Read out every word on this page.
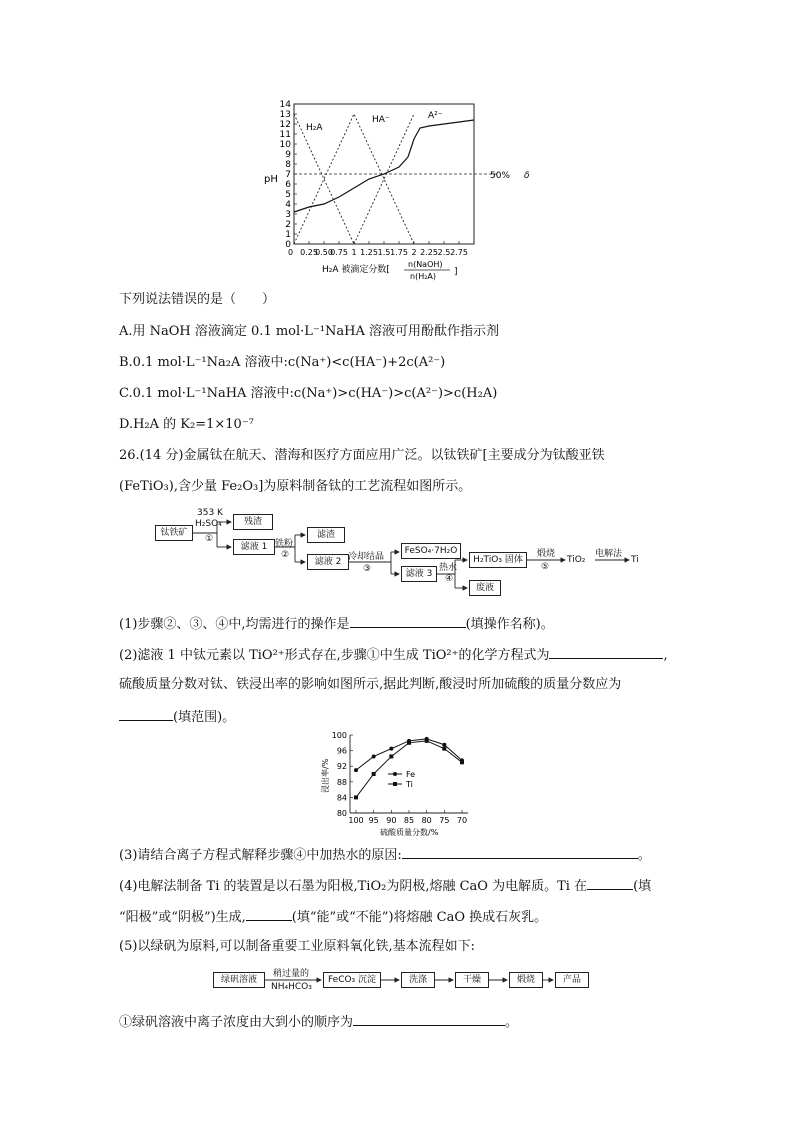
0
1
2
3
4
5
6
7
8
9
10
11
12
13
14
0 0.25
0.50
0.75 1 1.25 1.5 1.75 2 2.25 2.5 2.75
pH
H₂A
HA⁻	A²⁻
50% δ
H₂A 被滴定分数[
n(NaOH)
n(H₂A) ]
下列说法错误的是（　　）
A.用 NaOH 溶液滴定 0.1 mol·L⁻¹NaHA 溶液可用酚酞作指示剂
B.0.1 mol·L⁻¹Na₂A 溶液中:c(Na⁺)<c(HA⁻)+2c(A²⁻)
C.0.1 mol·L⁻¹NaHA 溶液中:c(Na⁺)>c(HA⁻)>c(A²⁻)>c(H₂A)
D.H₂A 的 K₂=1×10⁻⁷
26.(14 分)金属钛在航天、潜海和医疗方面应用广泛。以钛铁矿[主要成分为钛酸亚铁
(FeTiO₃),含少量 Fe₂O₃]为原料制备钛的工艺流程如图所示。
钛铁矿
353 K
H₂SO₄
①
残渣
滤液 1 铁粉
②
滤渣
滤液 2 冷却结晶
③
FeSO₄·7H₂O
滤液 3
热水
④
H₂TiO₃ 固体
废液
煅烧
⑤
TiO₂
电解法
Ti
(1)步骤②、③、④中,均需进行的操作是	(填操作名称)。
(2)滤液 1 中钛元素以 TiO²⁺形式存在,步骤①中生成 TiO²⁺的化学方程式为	,
硫酸质量分数对钛、铁浸出率的影响如图所示,据此判断,酸浸时所加硫酸的质量分数应为
(填范围)。
80
84
88
92
96
100
100 95 90 85 80 75 70
浸出率/%
硫酸质量分数/%
Fe
Ti
(3)请结合离子方程式解释步骤④中加热水的原因:	。
(4)电解法制备 Ti 的装置是以石墨为阳极,TiO₂为阴极,熔融 CaO 为电解质。Ti 在	(填
“阳极”或“阴极”)生成,	(填“能”或“不能”)将熔融 CaO 换成石灰乳。
(5)以绿矾为原料,可以制备重要工业原料氧化铁,基本流程如下:
绿矾溶液
稍过量的
NH₄HCO₃
FeCO₃ 沉淀	洗涤	干燥	煅烧	产品
①绿矾溶液中离子浓度由大到小的顺序为	。
